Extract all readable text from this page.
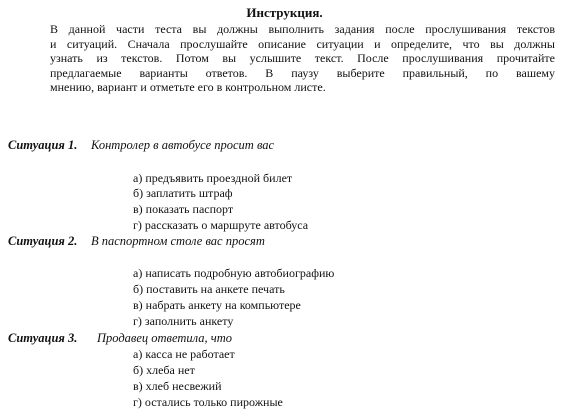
Инструкция.
В данной части теста вы должны выполнить задания после прослушивания текстов
и ситуаций. Сначала прослушайте описание ситуации и определите, что вы должны
узнать из текстов. Потом вы услышите текст. После прослушивания прочитайте
предлагаемые варианты ответов. В паузу выберите правильный, по вашему
мнению, вариант и отметьте его в контрольном листе.
Ситуация 1. Контролер в автобусе просит вас
а) предъявить проездной билет
б) заплатить штраф
в) показать паспорт
г) рассказать о маршруте автобуса
Ситуация 2. В паспортном столе вас просят
а) написать подробную автобиографию
б) поставить на анкете печать
в) набрать анкету на компьютере
г) заполнить анкету
Ситуация 3. Продавец ответила, что
а) касса не работает
б) хлеба нет
в) хлеб несвежий
г) остались только пирожные
